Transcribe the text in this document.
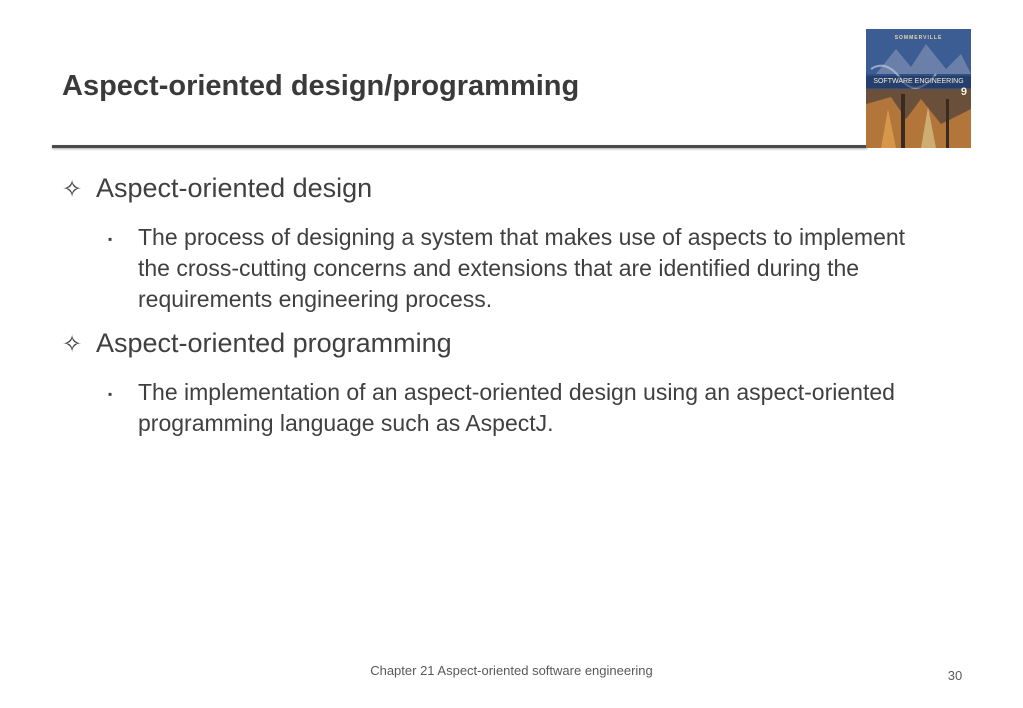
Aspect-oriented design/programming
SOMMERVILLE
SOFTWARE ENGINEERING
9
✧ Aspect-oriented design
▪ The process of designing a system that makes use of aspects to implement the cross-cutting concerns and extensions that are identified during the requirements engineering process.
✧ Aspect-oriented programming
▪ The implementation of an aspect-oriented design using an aspect-oriented programming language such as AspectJ.
Chapter 21 Aspect-oriented software engineering	30
